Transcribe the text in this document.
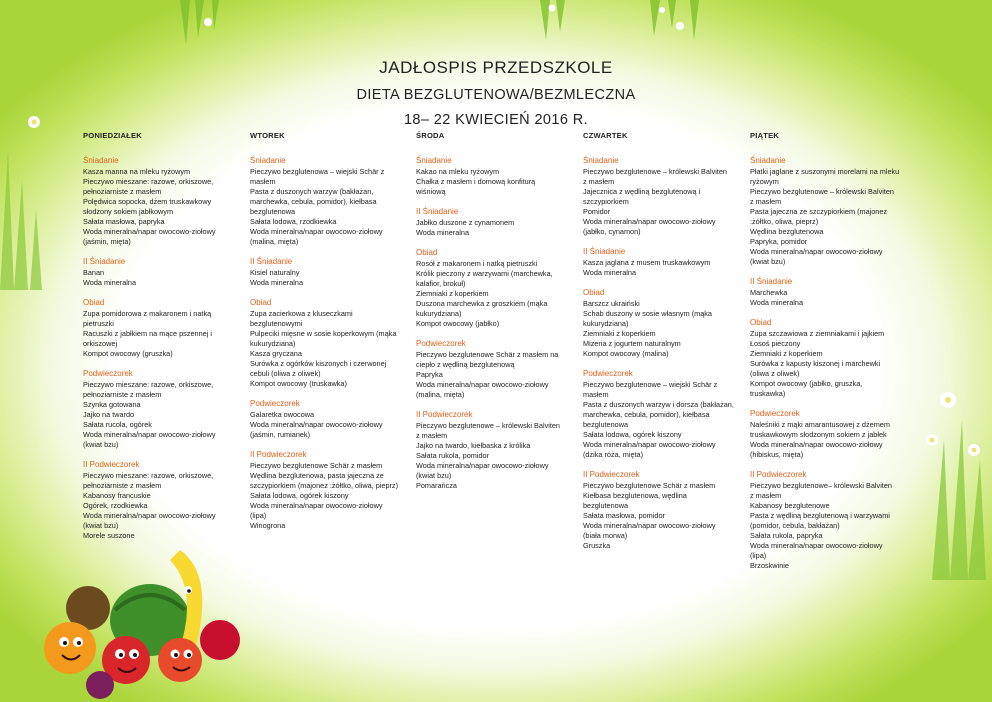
JADŁOSPIS PRZEDSZKOLE
DIETA BEZGLUTENOWA/BEZMLECZNA
18– 22 KWIECIEŃ 2016 R.
PONIEDZIAŁEK
Śniadanie
Kasza manna na mleku ryżowym
Pieczywo mieszane: razowe, orkiszowe,
pełnoziarniste z masłem
Polędwica sopocka, dżem truskawkowy
słodzony sokiem jabłkowym
Sałata masłowa, papryka
Woda mineralna/napar owocowo-ziołowy
(jaśmin, mięta)
II Śniadanie
Banan
Woda mineralna
Obiad
Zupa pomidorowa z makaronem i natką
pietruszki
Racuszki z jabłkiem na mące pszennej i
orkiszowej
Kompot owocowy (gruszka)
Podwieczorek
Pieczywo mieszane: razowe, orkiszowe,
pełnoziarniste z masłem
Szynka gotowana
Jajko na twardo
Sałata rucola, ogórek
Woda mineralna/napar owocowo-ziołowy
(kwiat bzu)
II Podwieczorek
Pieczywo mieszane: razowe, orkiszowe,
pełnoziarniste z masłem
Kabanosy francuskie
Ogórek, rzodkiewka
Woda mineralna/napar owocowo-ziołowy
(kwiat bzu)
Morele suszone
WTOREK
Śniadanie
Pieczywo bezglutenowa – wiejski Schär z
masłem
Pasta z duszonych warzyw (bakłażan,
marchewka, cebula, pomidor), kiełbasa
bezglutenowa
Sałata lodowa, rzodkiewka
Woda mineralna/napar owocowo-ziołowy
(malina, mięta)
II Śniadanie
Kisiel naturalny
Woda mineralna
Obiad
Zupa zacierkowa z kluseczkami
bezglutenowymi
Pulpeciki mięsne w sosie koperkowym (mąka
kukurydziana)
Kasza gryczana
Surówka z ogórków kiszonych i czerwonej
cebuli (oliwa z oliwek)
Kompot owocowy (truskawka)
Podwieczorek
Galaretka owocowa
Woda mineralna/napar owocowo-ziołowy
(jaśmin, rumianek)
II Podwieczorek
Pieczywo bezglutenowe Schär z masłem
Wędlina bezglutenowa, pasta jajeczna ze
szczypiorkiem (majonez :żółtko, oliwa, pieprz)
Sałata lodowa, ogórek kiszony
Woda mineralna/napar owocowo-ziołowy
(lipa)
Winogrona
ŚRODA
Śniadanie
Kakao na mleku ryżowym
Chałka z masłem i domową konfiturą
wiśniową
II Śniadanie
Jabłko duszone z cynamonem
Woda mineralna
Obiad
Rosół z makaronem i natką pietruszki
Królik pieczony z warzywami (marchewka,
kalafior, brokuł)
Ziemniaki z koperkiem
Duszona marchewka z groszkiem (mąka
kukurydziana)
Kompot owocowy (jabłko)
Podwieczorek
Pieczywo bezglutenowe Schär z masłem na
ciepło z wędliną bezglutenową
Papryka
Woda mineralna/napar owocowo-ziołowy
(malina, mięta)
II Podwieczorek
Pieczywo bezglutenowe – królewski Balviten
z masłem
Jajko na twardo, kiełbaska z królika
Sałata rukola, pomidor
Woda mineralna/napar owocowo-ziołowy
(kwiat bzu)
Pomarańcza
CZWARTEK
Śniadanie
Pieczywo bezglutenowe – królewski Balviten
z masłem
Jajecznica z wędliną bezglutenową i
szczypiorkiem
Pomidor
Woda mineralna/napar owocowo-ziołowy
(jabłko, cynamon)
II Śniadanie
Kasza jaglana z musem truskawkowym
Woda mineralna
Obiad
Barszcz ukraiński
Schab duszony w sosie własnym (mąka
kukurydziana)
Ziemniaki z koperkiem
Mizeria z jogurtem naturalnym
Kompot owocowy (malina)
Podwieczorek
Pieczywo bezglutenowe – wiejski Schär z
masłem
Pasta z duszonych warzyw i dorsza (bakłażan,
marchewka, cebula, pomidor), kiełbasa
bezglutenowa
Sałata lodowa, ogórek kiszony
Woda mineralna/napar owocowo-ziołowy
(dzika róża, mięta)
II Podwieczorek
Pieczywo bezglutenowe Schär z masłem
Kiełbasa bezglutenowa, wędlina
bezglutenowa
Sałata masłowa, pomidor
Woda mineralna/napar owocowo-ziołowy
(biała morwa)
Gruszka
PIĄTEK
Śniadanie
Płatki jaglane z suszonymi morelami na mleku
ryżowym
Pieczywo bezglutenowe – królewski Balviten
z masłem
Pasta jajeczna ze szczypiorkiem (majonez
:żółtko, oliwa, pieprz)
Wędlina bezglutenowa
Papryka, pomidor
Woda mineralna/napar owocowo-ziołowy
(kwiat bzu)
II Śniadanie
Marchewka
Woda mineralna
Obiad
Zupa szczawiowa z ziemniakami i jajkiem
Łosoś pieczony
Ziemniaki z koperkiem
Surówka z kapusty kiszonej i marchewki
(oliwa z oliwek)
Kompot owocowy (jabłko, gruszka,
truskawka)
Podwieczorek
Naleśniki z mąki amarantusowej z dżemem
truskawkowym słodzonym sokiem z jabłek
Woda mineralna/napar owocowo-ziołowy
(hibiskus, mięta)
II Podwieczorek
Pieczywo bezglutenowe– królewski Balviten
z masłem
Kabanosy bezglutenowe
Pasta z wędliną bezglutenową i warzywami
(pomidor, cebula, bakłażan)
Sałata rukola, papryka
Woda mineralna/napar owocowo-ziołowy
(lipa)
Brzoskwinie
